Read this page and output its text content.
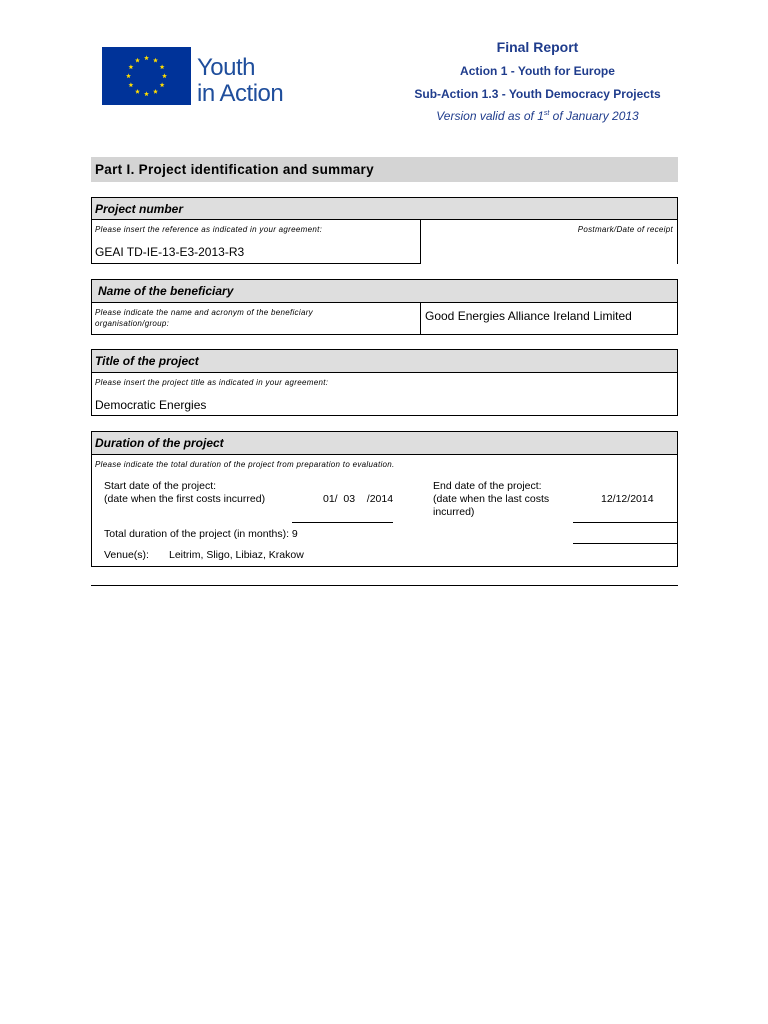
Youth
in Action
Final Report
Action 1 - Youth for Europe
Sub-Action 1.3 - Youth Democracy Projects
Version valid as of 1st of January 2013
Part I. Project identification and summary
Project number
Please insert the reference as indicated in your agreement:	Postmark/Date of receipt
GEAI TD-IE-13-E3-2013-R3
Name of the beneficiary
Please indicate the name and acronym of the beneficiary
organisation/group:
Good Energies Alliance Ireland Limited
Title of the project
Please insert the project title as indicated in your agreement:
Democratic Energies
Duration of the project
Please indicate the total duration of the project from preparation to evaluation.
Start date of the project:
(date when the first costs incurred)	01/  03    /2014
End date of the project:
(date when the last costs
incurred)
12/12/2014
Total duration of the project (in months): 9
Venue(s): Leitrim, Sligo, Libiaz, Krakow
